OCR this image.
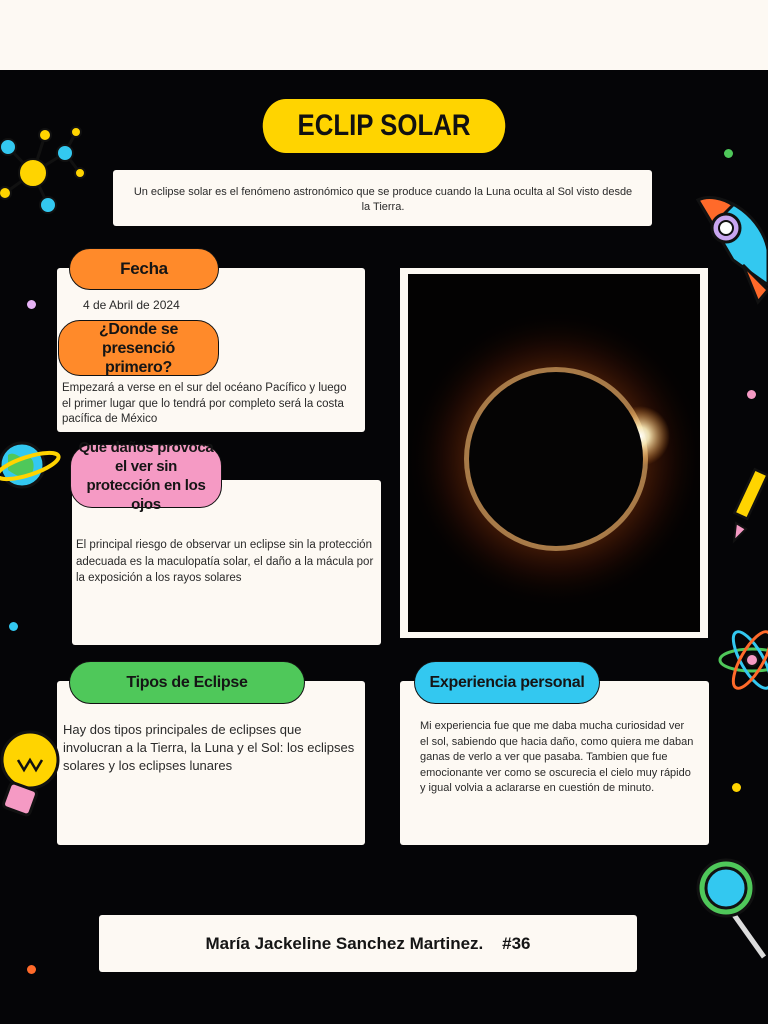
ECLIP SOLAR
Un eclipse solar es el fenómeno astronómico que se produce cuando la Luna oculta al Sol visto desde la Tierra.
4 de Abril de 2024
Empezará a verse en el sur del océano Pacífico y luego el primer lugar que lo tendrá por completo será la costa pacífica de México
Fecha
¿Donde se presenció primero?
El principal riesgo de observar un eclipse sin la protección adecuada es la maculopatía solar, el daño a la mácula por la exposición a los rayos solares
Que daños provoca el ver sin protección en los ojos
Hay dos tipos principales de eclipses que involucran a la Tierra, la Luna y el Sol: los eclipses solares y los eclipses lunares
Tipos de Eclipse
Mi experiencia fue que me daba mucha curiosidad ver el sol, sabiendo que hacia daño, como quiera me daban ganas de verlo a ver que pasaba. Tambien que fue emocionante ver como se oscurecia el cielo muy rápido y igual volvia a aclararse en cuestión de minuto.
Experiencia personal
María Jackeline Sanchez Martinez.    #36
